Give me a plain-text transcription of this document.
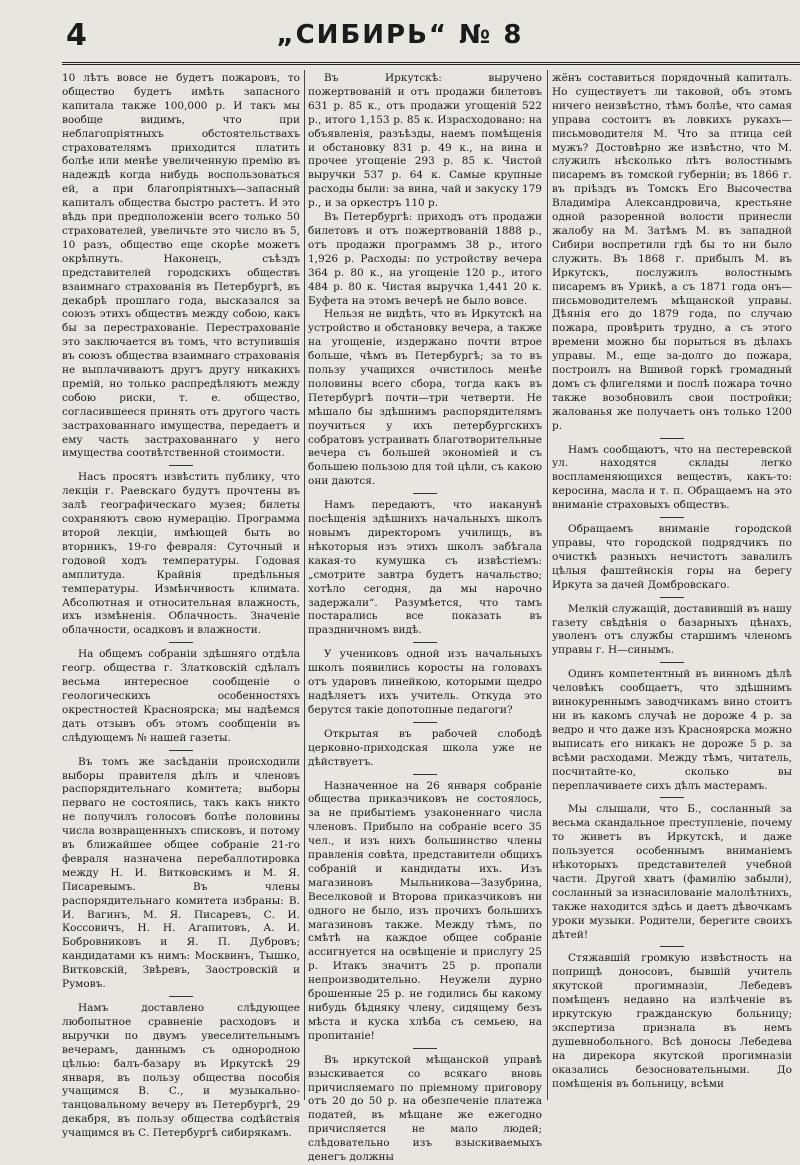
4	„СИБИРЬ“ № 8

10 лѣтъ вовсе не будетъ пожаровъ, то общество будетъ имѣть запасного капитала также 100,000 р. И такъ мы вообще видимъ, что при неблагопріятныхъ обстоятельствахъ страхователямъ приходится платить болѣе или менѣе увеличенную премію въ надеждѣ когда нибудь воспользоваться ей, а при благопріятныхъ—запасный капиталъ общества быстро растетъ. И это вѣдь при предположеніи всего только 50 страхователей, увеличьте это число въ 5, 10 разъ, общество еще скорѣе можетъ окрѣпнуть. Наконецъ, съѣздъ представителей городскихъ обществъ взаимнаго страхованія въ Петербургѣ, въ декабрѣ прошлаго года, высказался за союзъ этихъ обществъ между собою, какъ бы за перестрахованіе. Перестрахованіе это заключается въ томъ, что вступившія въ союзъ общества взаимнаго страхованія не выплачиваютъ другъ другу никакихъ премій, но только распредѣляютъ между собою риски, т. е. общество, согласившееся принять отъ другого часть застрахованнаго имущества, передаетъ и ему часть застрахованнаго у него имущества соотвѣтственной стоимости.

Насъ просятъ извѣстить публику, что лекціи г. Раевскаго будутъ прочтены въ залѣ географическаго музея; билеты сохраняютъ свою нумерацію. Программа второй лекціи, имѣющей быть во вторникъ, 19-го февраля: Суточный и годовой ходъ температуры. Годовая амплитуда. Крайнія предѣльныя температуры. Измѣнчивость климата. Абсолютная и относительная влажность, ихъ измѣненія. Облачность. Значеніе облачности, осадковъ и влажности.

На общемъ собраніи здѣшняго отдѣла геогр. общества г. Златковскій сдѣлалъ весьма интересное сообщеніе о геологическихъ особенностяхъ окрестностей Красноярска; мы надѣемся дать отзывъ объ этомъ сообщеніи въ слѣдующемъ № нашей газеты.

Въ томъ же засѣданіи происходили выборы правителя дѣлъ и членовъ распорядительнаго комитета; выборы перваго не состоялись, такъ какъ никто не получилъ голосовъ болѣе половины числа возвращенныхъ списковъ, и потому въ ближайшее общее собраніе 21-го февраля назначена перебаллотировка между Н. И. Витковскимъ и М. Я. Писаревымъ. Въ члены распорядительнаго комитета избраны: В. И. Вагинъ, М. Я. Писаревъ, С. И. Коссовичъ, Н. Н. Агапитовъ, А. И. Бобровниковъ и Я. П. Дубровъ; кандидатами къ нимъ: Москвинъ, Тышко, Витковскій, Звѣревъ, Заостровскій и Румовъ.

Намъ доставлено слѣдующее любопытное сравненіе расходовъ и выручки по двумъ увеселительнымъ вечерамъ, даннымъ съ однородною цѣлью: балъ-базару въ Иркутскѣ 29 января, въ пользу общества пособія учащимся В. С., и музыкально-танцовальному вечеру въ Петербургѣ, 29 декабря, въ пользу общества содѣйствія учащимся въ С. Петербургѣ сибирякамъ.

Въ Иркутскѣ: выручено пожертвованій и отъ продажи билетовъ 631 р. 85 к., отъ продажи угощеній 522 р., итого 1,153 р. 85 к. Израсходовано: на объявленія, разъѣзды, наемъ помѣщенія и обстановку 831 р. 49 к., на вина и прочее угощеніе 293 р. 85 к. Чистой выручки 537 р. 64 к. Самые крупные расходы были: за вина, чай и закуску 179 р., и за оркестръ 110 р.

Въ Петербургѣ: приходъ отъ продажи билетовъ и отъ пожертвованій 1888 р., отъ продажи программъ 38 р., итого 1,926 р. Расходы: по устройству вечера 364 р. 80 к., на угощеніе 120 р., итого 484 р. 80 к. Чистая выручка 1,441 20 к. Буфета на этомъ вечерѣ не было вовсе.

Нельзя не видѣть, что въ Иркутскѣ на устройство и обстановку вечера, а также на угощеніе, издержано почти втрое больше, чѣмъ въ Петербургѣ; за то въ пользу учащихся очистилось менѣе половины всего сбора, тогда какъ въ Петербургѣ почти—три четверти. Не мѣшало бы здѣшнимъ распорядителямъ поучиться у ихъ петербургскихъ собратовъ устраивать благотворительные вечера съ большей экономіей и съ большею пользою для той цѣли, съ какою они даются.

Намъ передаютъ, что наканунѣ посѣщенія здѣшнихъ начальныхъ школъ новымъ директоромъ училищъ, въ нѣкоторыя изъ этихъ школъ забѣгала какая-то кумушка съ извѣстіемъ: „смотрите завтра будетъ начальство; хотѣло сегодня, да мы нарочно задержали“. Разумѣется, что тамъ постарались все показать въ праздничномъ видѣ.

У учениковъ одной изъ начальныхъ школъ появились коросты на головахъ отъ ударовъ линейкою, которыми щедро надѣляетъ ихъ учитель. Откуда это берутся такіе допотопные педагоги?

Открытая въ рабочей слободѣ церковно-приходская школа уже не дѣйствуетъ.

Назначенное на 26 января собраніе общества приказчиковъ не состоялось, за не прибытіемъ узаконеннаго числа членовъ. Прибыло на собраніе всего 35 чел., и изъ нихъ большинство члены правленія совѣта, представители общихъ собраній и кандидаты ихъ. Изъ магазиновъ Мыльникова—Зазубрина, Веселковой и Второва приказчиковъ ни одного не было, изъ прочихъ большихъ магазиновъ также. Между тѣмъ, по смѣтѣ на каждое общее собраніе ассигнуется на освѣщеніе и прислугу 25 р. Итакъ значитъ 25 р. пропали непроизводительно. Неужели дурно брошенные 25 р. не годились бы какому нибудь бѣдняку члену, сидящему безъ мѣста и куска хлѣба съ семьею, на пропитаніе!

Въ иркутской мѣщанской управѣ взыскивается со всякаго вновь причисляемаго по пріемному приговору отъ 20 до 50 р. на обезпеченіе платежа податей, въ мѣщане же ежегодно причисляется не мало людей; слѣдовательно изъ взыскиваемыхъ денегъ должны

жёнъ составиться порядочный капиталъ. Но существуетъ ли таковой, объ этомъ ничего неизвѣстно, тѣмъ болѣе, что самая управа состоитъ въ ловкихъ рукахъ—письмоводителя М. Что за птица сей мужъ? Достовѣрно же извѣстно, что М. служилъ нѣсколько лѣтъ волостнымъ писаремъ въ томской губерніи; въ 1866 г. въ пріѣздъ въ Томскъ Его Высочества Владиміра Александровича, крестьяне одной разоренной волости принесли жалобу на М. Затѣмъ М. въ западной Сибири воспретили гдѣ бы то ни было служить. Въ 1868 г. прибылъ М. въ Иркутскъ, послужилъ волостнымъ писаремъ въ Урикѣ, а съ 1871 года онъ—письмоводителемъ мѣщанской управы. Дѣянія его до 1879 года, по случаю пожара, провѣрить трудно, а съ этого времени можно бы порыться въ дѣлахъ управы. М., еще за-долго до пожара, построилъ на Вшивой горкѣ громадный домъ съ флигелями и послѣ пожара точно также возобновилъ свои постройки; жалованья же получаетъ онъ только 1200 р.

Намъ сообщаютъ, что на пестеревской ул. находятся склады легко воспламеняющихся веществъ, какъ-то: керосина, масла и т. п. Обращаемъ на это вниманіе страховыхъ обществъ.

Обращаемъ вниманіе городской управы, что городской подрядчикъ по очисткѣ разныхъ нечистотъ завалилъ цѣлыя фаштейнскія горы на берегу Иркута за дачей Домбровскаго.

Мелкій служащій, доставившій въ нашу газету свѣдѣнія о базарныхъ цѣнахъ, уволенъ отъ службы старшимъ членомъ управы г. Н—синымъ.

Одинъ компетентный въ винномъ дѣлѣ человѣкъ сообщаетъ, что здѣшнимъ винокуреннымъ заводчикамъ вино стоитъ ни въ какомъ случаѣ не дороже 4 р. за ведро и что даже изъ Красноярска можно выписать его никакъ не дороже 5 р. за всѣми расходами. Между тѣмъ, читатель, посчитайте-ко, сколько вы переплачиваете сихъ дѣлъ мастерамъ.

Мы слышали, что Б., сосланный за весьма скандальное преступленіе, почему то живетъ въ Иркутскѣ, и даже пользуется особеннымъ вниманіемъ нѣкоторыхъ представителей учебной части. Другой хватъ (фамилію забыли), сосланный за изнасилованіе малолѣтнихъ, также находится здѣсь и даетъ дѣвочкамъ уроки музыки. Родители, берегите своихъ дѣтей!

Стяжавшій громкую извѣстность на поприщѣ доносовъ, бывшій учитель якутской прогимназіи, Лебедевъ помѣщенъ недавно на излѣченіе въ иркутскую гражданскую больницу; экспертиза признала въ немъ душевнобольного. Всѣ доносы Лебедева на дирекора якутской прогимназіи оказались безосновательными. До помѣщенія въ больницу, всѣми
